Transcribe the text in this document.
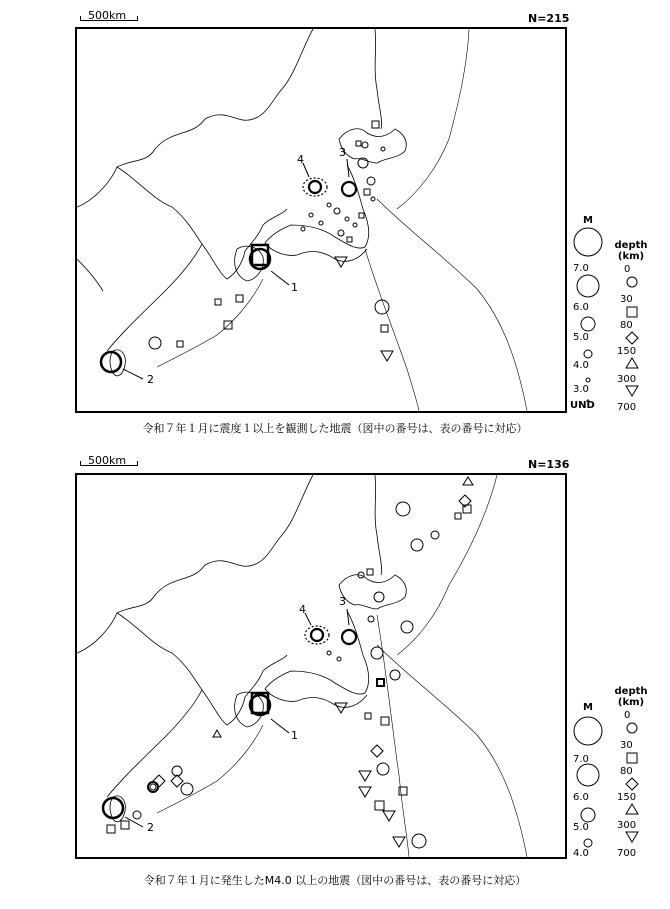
500km	N=215
1
2
3
4
M
7.0
6.0
5.0
4.0
3.0
UND
depth
(km)
0
30
80
150
300
700
令和７年１月に震度１以上を観測した地震（図中の番号は、表の番号に対応）
500km	N=136
1
2
3
4
depth
(km)
0
30
80
150
300
700
M
7.0
6.0
5.0
4.0
令和７年１月に発生したM4.0 以上の地震（図中の番号は、表の番号に対応）
